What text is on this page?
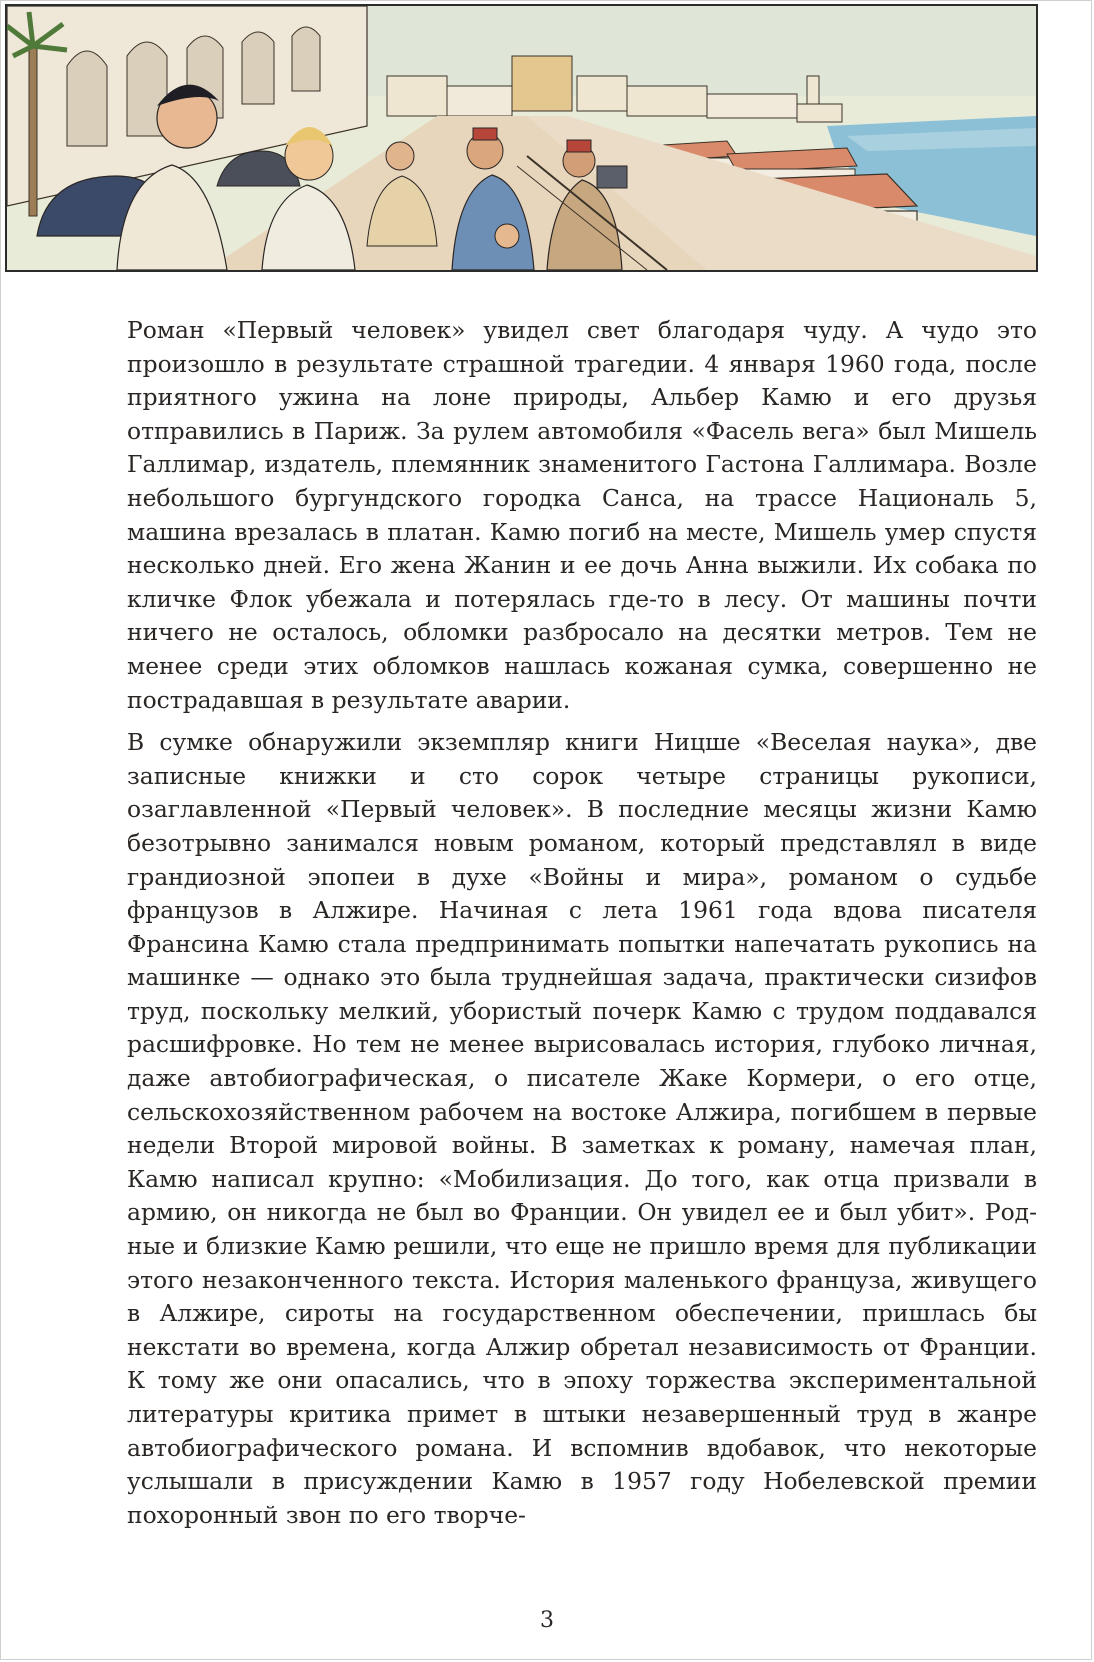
Роман «Первый человек» увидел свет благодаря чуду. А чудо это произошло в результате страшной трагедии. 4 января 1960 года, после приятного ужина на лоне природы, Альбер Камю и его друзья отправились в Париж. За рулем автомобиля «Фасель вега» был Мишель Галлимар, издатель, племянник знаменитого Гастона Галлимара. Возле небольшого бургундского городка Санса, на трассе Националь 5, машина врезалась в платан. Камю погиб на месте, Мишель умер спустя несколько дней. Его жена Жанин и ее дочь Анна выжили. Их собака по кличке Флок убежала и потерялась где-то в лесу. От машины почти ничего не осталось, обломки разбросало на десятки метров. Тем не менее среди этих обломков нашлась кожаная сумка, совершенно не пострадавшая в результате аварии.

В сумке обнаружили экземпляр книги Ницше «Веселая наука», две записные книжки и сто сорок четыре страницы рукописи, озаглавленной «Первый человек». В последние месяцы жизни Камю безотрывно занимался новым романом, который представлял в виде грандиозной эпопеи в духе «Войны и мира», романом о судьбе французов в Алжире. Начиная с лета 1961 года вдова писателя Франсина Камю стала предпринимать попытки напечатать рукопись на машинке — однако это была труднейшая задача, практически сизифов труд, поскольку мелкий, убористый почерк Камю с трудом поддавался расшифровке. Но тем не менее вырисовалась история, глубоко личная, даже автобиографическая, о писателе Жаке Кормери, о его отце, сельскохозяйственном рабочем на востоке Алжира, погибшем в первые недели Второй мировой войны. В заметках к роману, намечая план, Камю написал крупно: «Мобилизация. До того, как отца призвали в армию, он никогда не был во Франции. Он увидел ее и был убит». Родные и близкие Камю решили, что еще не пришло время для публикации этого незаконченного текста. История маленького француза, живущего в Алжире, сироты на государственном обеспечении, пришлась бы некстати во времена, когда Алжир обретал независимость от Франции. К тому же они опасались, что в эпоху торжества экспериментальной литературы критика примет в штыки незавершенный труд в жанре автобиографического романа. И вспомнив вдобавок, что некоторые услышали в присуждении Камю в 1957 году Нобелевской премии похоронный звон по его творче-

3
